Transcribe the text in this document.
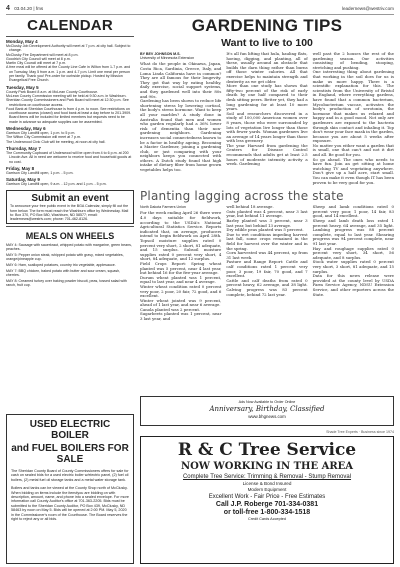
4 03.04.20 | fms	leadernews@westriv.com
CALENDAR
Monday, May 4
McClusky Job Development Authority will meet at 7 p.m. at city hall. Subject to change.
McClusky Fire Department will meet at 8 p.m.
Goodrich City Council will meet at 8 p.m.
Martin City Council will meet at 7 p.m.
A free meal will be offered at the County Line Cafe in Wilton from 1-7 p.m. and on Tuesday, May 5 from a.m. 1 p.m. and 4-7 p.m. Limit one meal per person per family. Thank you! Pre-order for curbside pickup. Hosted by Mission Evangelical Free Church.
Tuesday, May 5
County Park Board 8 a.m. at McLean County Courthouse.
McLean County Commission meeting will be held at 9:30 a.m. in Washburn.
Sheridan County Commissioners and Park Board will meet at 12:30 p.m. See restrictions on courthouse access.
Food Bank at Sheridan Courthouse is from 4 p.m. to noon. See restrictions on courthouse access (closed) and food bank at least a day before to 201.3909. Board items will be included for limited members but requests need to be made in advance so adequate supplies can be assembled.
Wednesday, May 6
Garrison City Landfill open, 1 p.m. to 5 p.m.
The Wilton City Commission will meet at 7 p.m.
The Underwood Civic Club will be meeting, at noon at city hall.
Thursday, May 7
The Community Cupboard of Underwood will be open from 4 to 6 p.m. at 200 Lincoln Ave. All in need are welcome to receive food and household goods at no cost.
Friday, May 8
Garrison City Landfill open, 1 p.m. - 5 p.m.
Saturday, May 9
Garrison City Landfill open, 9 a.m. - 12 p.m. and 1 p.m. - 5 p.m.
Submit an event
To announce your free public event in the BGA Calendar, simply fill out the form below. The form must reach the Washburn office by Wednesday. Mail to: Box 370, PO Box 580, Washburn, ND 58577; email: leadernews@westriv.com; phone: 701-462-8126.
MEALS ON WHEELS
MAY 4: Sausage with sauerkraut, whipped potato with margarine, green beans, peaches.
MAY 5: Pepper onion steak, whipped potato with gravy, mixed vegetables, orange/pineapple cup.
MAY 6: Ham, scalloped potatoes, country trio vegetable, applesauce.
MAY 7: BBQ chicken, baked potato with butter and sour cream, squash, cherries.
MAY 8: Creamed turkey over baking powder biscuit, peas, tossed salad with ranch, fruit cup.
USED ELECTRIC BOILER
and FUEL BOILERS FOR SALE
The Sheridan County Board of County Commissioners offers for sale for cash on sealed bids for a used electric boiler w/electric panel, (2) fuel oil boilers, (2) metal fuel oil storage tanks and a metal water storage tank.
Boilers and tanks can be viewed at the County Shop north of McClusky. When bidding on items include the item#you are bidding on with description, amount, name, and phone into a sealed envelope. For more information call County Auditor's office at 701-363-2205. Bids must be submitted to the Sheridan County Auditor, PO Box 439, McClusky, ND 58463 by noon on May 5. Bids will be opened at 2:00 PM. May 5, 2020 in the Commissioner's room of the Courthouse. The Board reserves the right to reject any or all bids.
GARDENING TIPS
Want to live to 100
BY BEV JOHNSON M.S.
University of Minnesota Extension
What do the people in Okinawa, Japan, Costa Rica, Sardinia, Greece, Italy, and Loma Linda California have in common? They are all famous for their longevity. They got that way by eating healthy, daily exercise, social support systems, and they gardened well into their 80s and 90s.
Gardening has been shown to reduce life shortening stress by lowering cortisol, the body's stress hormone. Want to keep all your marbles? A study done in Australia found that men and women who garden regularly had a 36% lower risk of dementia than their non-gardening neighbors. Gardening increases social connectedness known to be a factor in healthy ageing. Becoming a Master Gardener, joining a gardening club, or just comparing with your neighbors keeps you connected with others. A Dutch study found that high intake of dietary fiber from home grown vegetables helps too.
It's all fun lifting that hula, hauling flats, hoeing, digging, and planting, all of these, usually around an obstacle that builds the darn thing rather than burns off those winter calories. All that exercise helps to maintain strength and dexterity as we get older.
More than one study has shown that fifty-two percent of the risk of early death by one half compared to their desk sitting peers. Better yet, they had a long gardening for at least 10 more years.
Soil and researchers discovered in a study of 100,000 American women over 8 years, those who were surrounded by lots of vegetation live longer than those with fewer yards. Woman gardeners live an average of 14 years longer than those with less greenery.
The year Harvard from gardening the Centers for Disease Control recommends that adults get at least 2.5 hours of moderate intensity activity a week. Gardening
well past the 2 houses the rest of the gardening season. Our activities consisting of bending, stooping, stretching and pushing.
One interesting thing about gardening that working in the soil does for us is make us more happy. There is a scientific explanation for this. The scientists from the University of Bristol in England, where everything gardens, have found that a common bacterium, Mycobacterium vaccae, activates the body's production of serotonin, the hormone that makes us relaxed and happy and in a good mood. Not only are gardeners are exposed to the bacteria through skin contact and inhaling it. Top don't wear your face mask in the garden, because you are about 5 weeks after exposure.
No matter you either want a garden that is small, one that can't and not it dirt and all. Be good for you.
So go ahead. The ones who needs to have fun. Join an get sitting at home watching TV and vegetating anywhere. Don't give up a half acre, start small. You can make it even though IT has been proven to be very good for you.
Planting lagging across the state
North Dakota Farmers Union
For the week ending April 26 there were 4.0 days suitable for fieldwork, according to the USDA's National Agricultural Statistics Service. Reports indicated that, on average, producers intend to begin fieldwork on April 28th. Topsoil moisture supplies rated 0 percent very short, 2 short, 81 adequate, and 15 surplus. Subsoil moisture supplies rated 0 percent very short, 4 short, 84 adequate, and 12 surplus.
Field Crops Report: Spring wheat planted was 5 percent, near 4 last year, but behind 16 for the five-year average.
Durum wheat planted was 1 percent, equal to last year, and near 4 average.
Winter wheat condition rated 0 percent very poor, 2 poor, 20 fair, 72 good, and 6 excellent.
Winter wheat jointed was 9 percent, ahead of 1 last year, and near 6 average.
Canola planted was 2 percent.
Sugarbeets planted was 1 percent, near 3 last year, and
well behind 18 average.
Oats planted was 4 percent, near 3 last year, but behind 11 average.
Barley planted was 3 percent, near 3 last year, but behind 13 average.
Dry edible peas planted was 5 percent.
Due to wet conditions impeding harvest last fall, some crops remained in the field for harvest over the winter and in the spring.
Corn harvested was 44 percent, up from 31 last week.
Pasture and Range Report: Cattle and calf conditions rated 1 percent very poor, 3 poor, 19 fair, 70 good, and 7 excellent.
Cattle and calf deaths from rated 0 percent heavy, 62 average, and 38 light. Calving progress was 83 percent complete, behind 72 last year.
Sheep and lamb conditions rated 0 percent very poor, 1 poor, 14 fair, 83 good, and 14 excellent.
Sheep and lamb death loss rated 1 percent heavy, 64 average, and 35 light. Lambing progress was 88 percent complete, equal to last year. Shearing progress was 94 percent complete, near 91 last year.
Hay and roughage supplies rated 0 percent very short, 34 short, 56 adequate, and 8 surplus.
Stock water supplies rated 0 percent very short, 3 short, 81 adequate, and 15 surplus.
Data for this news release were provided at the county level by USDA Farm Service Agency, NDSU Extension Service, and other reporters across the State.
Ads Now Available to Order Online
Anniversary, Birthday, Classified
www.bhgnews.com
Shade Tree Experts · Business since 1974
R & C Tree Service
NOW WORKING IN THE AREA
Complete Tree Service: Trimming & Removal - Stump Removal
License & Bond Insured
Modern Equipment
Excellent Work - Fair Price - Free Estimates
Call J.P. Roberge 701-334-0381
or toll-free 1-800-334-1518
Credit Cards Accepted
